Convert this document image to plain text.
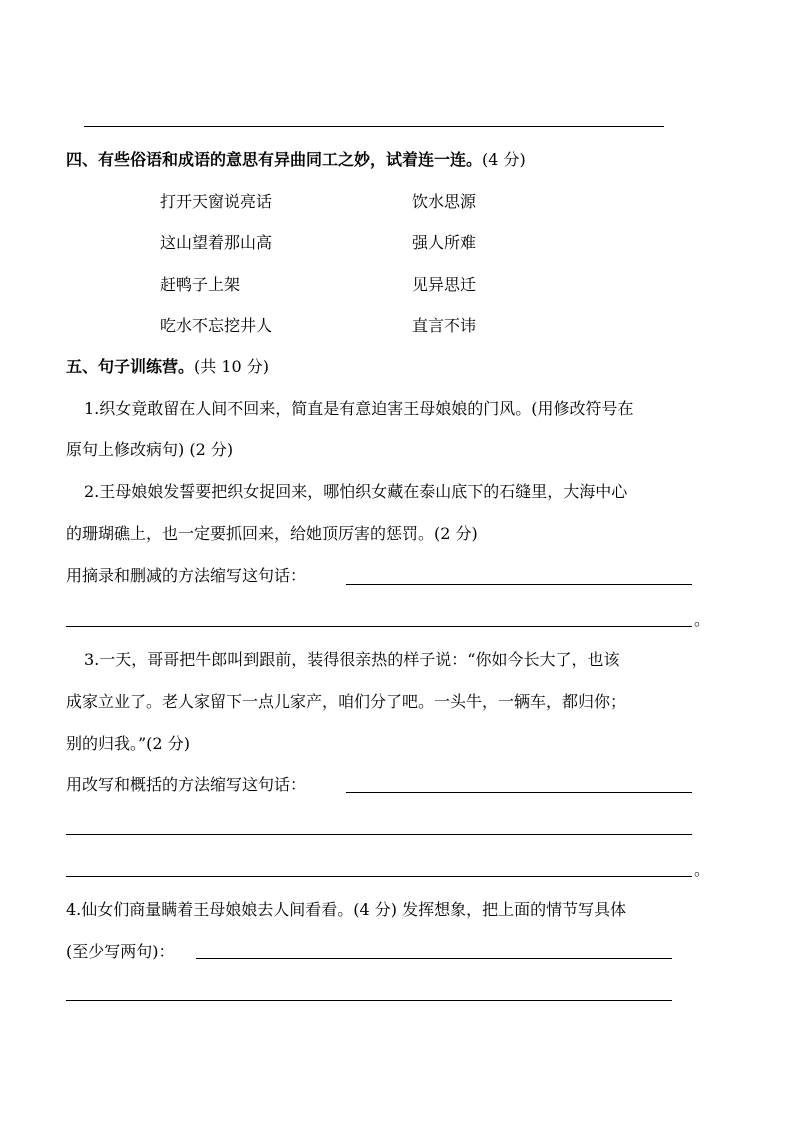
四、有些俗语和成语的意思有异曲同工之妙，试着连一连。(4 分)
打开天窗说亮话	饮水思源
这山望着那山高	强人所难
赶鸭子上架	见异思迁
吃水不忘挖井人	直言不讳
五、句子训练营。(共 10 分)
1.织女竟敢留在人间不回来，简直是有意迫害王母娘娘的门风。(用修改符号在
原句上修改病句) (2 分)
2.王母娘娘发誓要把织女捉回来，哪怕织女藏在泰山底下的石缝里，大海中心
的珊瑚礁上，也一定要抓回来，给她顶厉害的惩罚。(2 分)
用摘录和删减的方法缩写这句话：
。
3.一天，哥哥把牛郎叫到跟前，装得很亲热的样子说：“你如今长大了，也该
成家立业了。老人家留下一点儿家产，咱们分了吧。一头牛，一辆车，都归你；
别的归我。”(2 分)
用改写和概括的方法缩写这句话：
。
4.仙女们商量瞒着王母娘娘去人间看看。(4 分) 发挥想象，把上面的情节写具体
(至少写两句)：
